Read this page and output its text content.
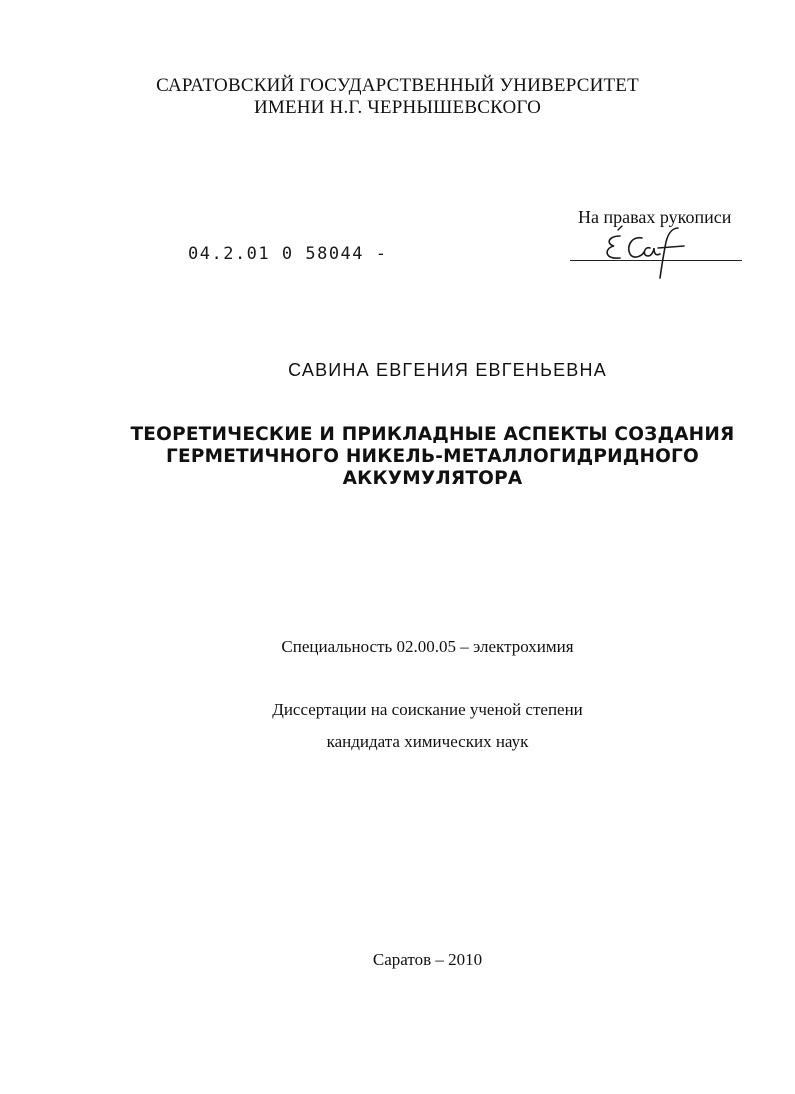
САРАТОВСКИЙ ГОСУДАРСТВЕННЫЙ УНИВЕРСИТЕТ
ИМЕНИ Н.Г. ЧЕРНЫШЕВСКОГО
04.2.01 0 58044 -
На правах рукописи
САВИНА ЕВГЕНИЯ ЕВГЕНЬЕВНА
ТЕОРЕТИЧЕСКИЕ И ПРИКЛАДНЫЕ АСПЕКТЫ СОЗДАНИЯ
ГЕРМЕТИЧНОГО НИКЕЛЬ-МЕТАЛЛОГИДРИДНОГО
АККУМУЛЯТОРА
Специальность 02.00.05 – электрохимия
Диссертации на соискание ученой степени
кандидата химических наук
Саратов – 2010
